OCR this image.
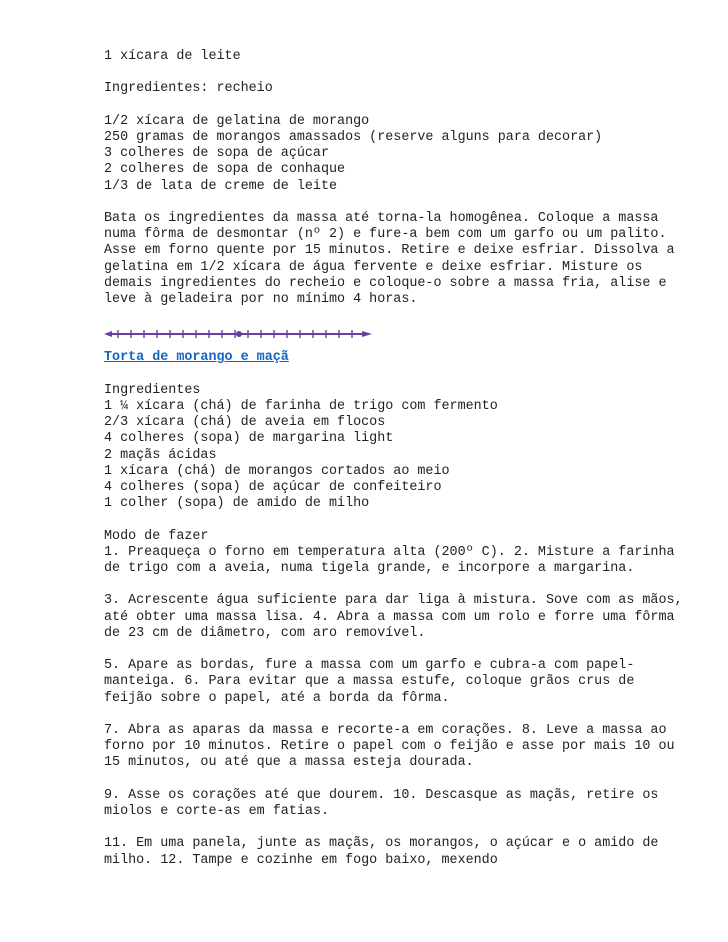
1 xícara de leite
Ingredientes: recheio
1/2 xícara de gelatina de morango
250 gramas de morangos amassados (reserve alguns para decorar)
3 colheres de sopa de açúcar
2 colheres de sopa de conhaque
1/3 de lata de creme de leite
Bata os ingredientes da massa até torna-la homogênea. Coloque a massa numa fôrma de desmontar (nº 2) e fure-a bem com um garfo ou um palito. Asse em forno quente por 15 minutos. Retire e deixe esfriar. Dissolva a gelatina em 1/2 xícara de água fervente e deixe esfriar. Misture os demais ingredientes do recheio e coloque-o sobre a massa fria, alise e leve à geladeira por no mínimo 4 horas.
Torta de morango e maçã
Ingredientes
1 ¼ xícara (chá) de farinha de trigo com fermento
2/3 xícara (chá) de aveia em flocos
4 colheres (sopa) de margarina light
2 maçãs ácidas
1 xícara (chá) de morangos cortados ao meio
4 colheres (sopa) de açúcar de confeiteiro
1 colher (sopa) de amido de milho
Modo de fazer
1. Preaqueça o forno em temperatura alta (200º C). 2. Misture a farinha de trigo com a aveia, numa tigela grande, e incorpore a margarina.
3. Acrescente água suficiente para dar liga à mistura. Sove com as mãos, até obter uma massa lisa. 4. Abra a massa com um rolo e forre uma fôrma de 23 cm de diâmetro, com aro removível.
5. Apare as bordas, fure a massa com um garfo e cubra-a com papel-manteiga. 6. Para evitar que a massa estufe, coloque grãos crus de feijão sobre o papel, até a borda da fôrma.
7. Abra as aparas da massa e recorte-a em corações. 8. Leve a massa ao forno por 10 minutos. Retire o papel com o feijão e asse por mais 10 ou 15 minutos, ou até que a massa esteja dourada.
9. Asse os corações até que dourem. 10. Descasque as maçãs, retire os miolos e corte-as em fatias.
11. Em uma panela, junte as maçãs, os morangos, o açúcar e o amido de milho. 12. Tampe e cozinhe em fogo baixo, mexendo
